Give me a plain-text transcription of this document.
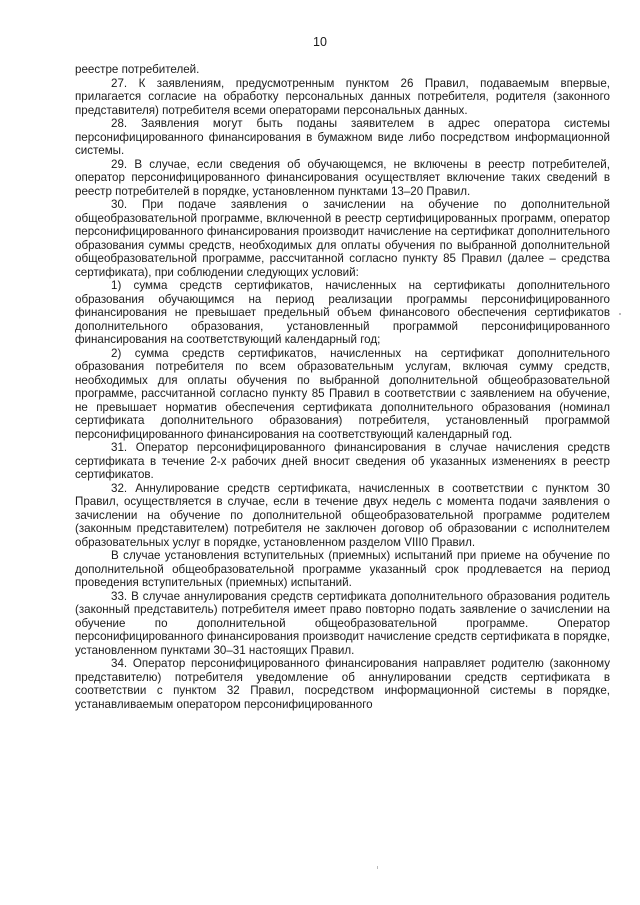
10

реестре потребителей.

27. К заявлениям, предусмотренным пунктом 26 Правил, подаваемым впервые, прилагается согласие на обработку персональных данных потребителя, родителя (законного представителя) потребителя всеми операторами персональных данных.

28. Заявления могут быть поданы заявителем в адрес оператора системы персонифицированного финансирования в бумажном виде либо посредством информационной системы.

29. В случае, если сведения об обучающемся, не включены в реестр потребителей, оператор персонифицированного финансирования осуществляет включение таких сведений в реестр потребителей в порядке, установленном пунктами 13–20 Правил.

30. При подаче заявления о зачислении на обучение по дополнительной общеобразовательной программе, включенной в реестр сертифицированных программ, оператор персонифицированного финансирования производит начисление на сертификат дополнительного образования суммы средств, необходимых для оплаты обучения по выбранной дополнительной общеобразовательной программе, рассчитанной согласно пункту 85 Правил (далее – средства сертификата), при соблюдении следующих условий:

1) сумма средств сертификатов, начисленных на сертификаты дополнительного образования обучающимся на период реализации программы персонифицированного финансирования не превышает предельный объем финансового обеспечения сертификатов дополнительного образования, установленный программой персонифицированного финансирования на соответствующий календарный год;

2) сумма средств сертификатов, начисленных на сертификат дополнительного образования потребителя по всем образовательным услугам, включая сумму средств, необходимых для оплаты обучения по выбранной дополнительной общеобразовательной программе, рассчитанной согласно пункту 85 Правил в соответствии с заявлением на обучение, не превышает норматив обеспечения сертификата дополнительного образования (номинал сертификата дополнительного образования) потребителя, установленный программой персонифицированного финансирования на соответствующий календарный год.

31. Оператор персонифицированного финансирования в случае начисления средств сертификата в течение 2-х рабочих дней вносит сведения об указанных изменениях в реестр сертификатов.

32. Аннулирование средств сертификата, начисленных в соответствии с пунктом 30 Правил, осуществляется в случае, если в течение двух недель с момента подачи заявления о зачислении на обучение по дополнительной общеобразовательной программе родителем (законным представителем) потребителя не заключен договор об образовании с исполнителем образовательных услуг в порядке, установленном разделом VIII0 Правил.

В случае установления вступительных (приемных) испытаний при приеме на обучение по дополнительной общеобразовательной программе указанный срок продлевается на период проведения вступительных (приемных) испытаний.

33. В случае аннулирования средств сертификата дополнительного образования родитель (законный представитель) потребителя имеет право повторно подать заявление о зачислении на обучение по дополнительной общеобразовательной программе. Оператор персонифицированного финансирования производит начисление средств сертификата в порядке, установленном пунктами 30–31 настоящих Правил.

34. Оператор персонифицированного финансирования направляет родителю (законному представителю) потребителя уведомление об аннулировании средств сертификата в соответствии с пунктом 32 Правил, посредством информационной системы в порядке, устанавливаемым оператором персонифицированного
